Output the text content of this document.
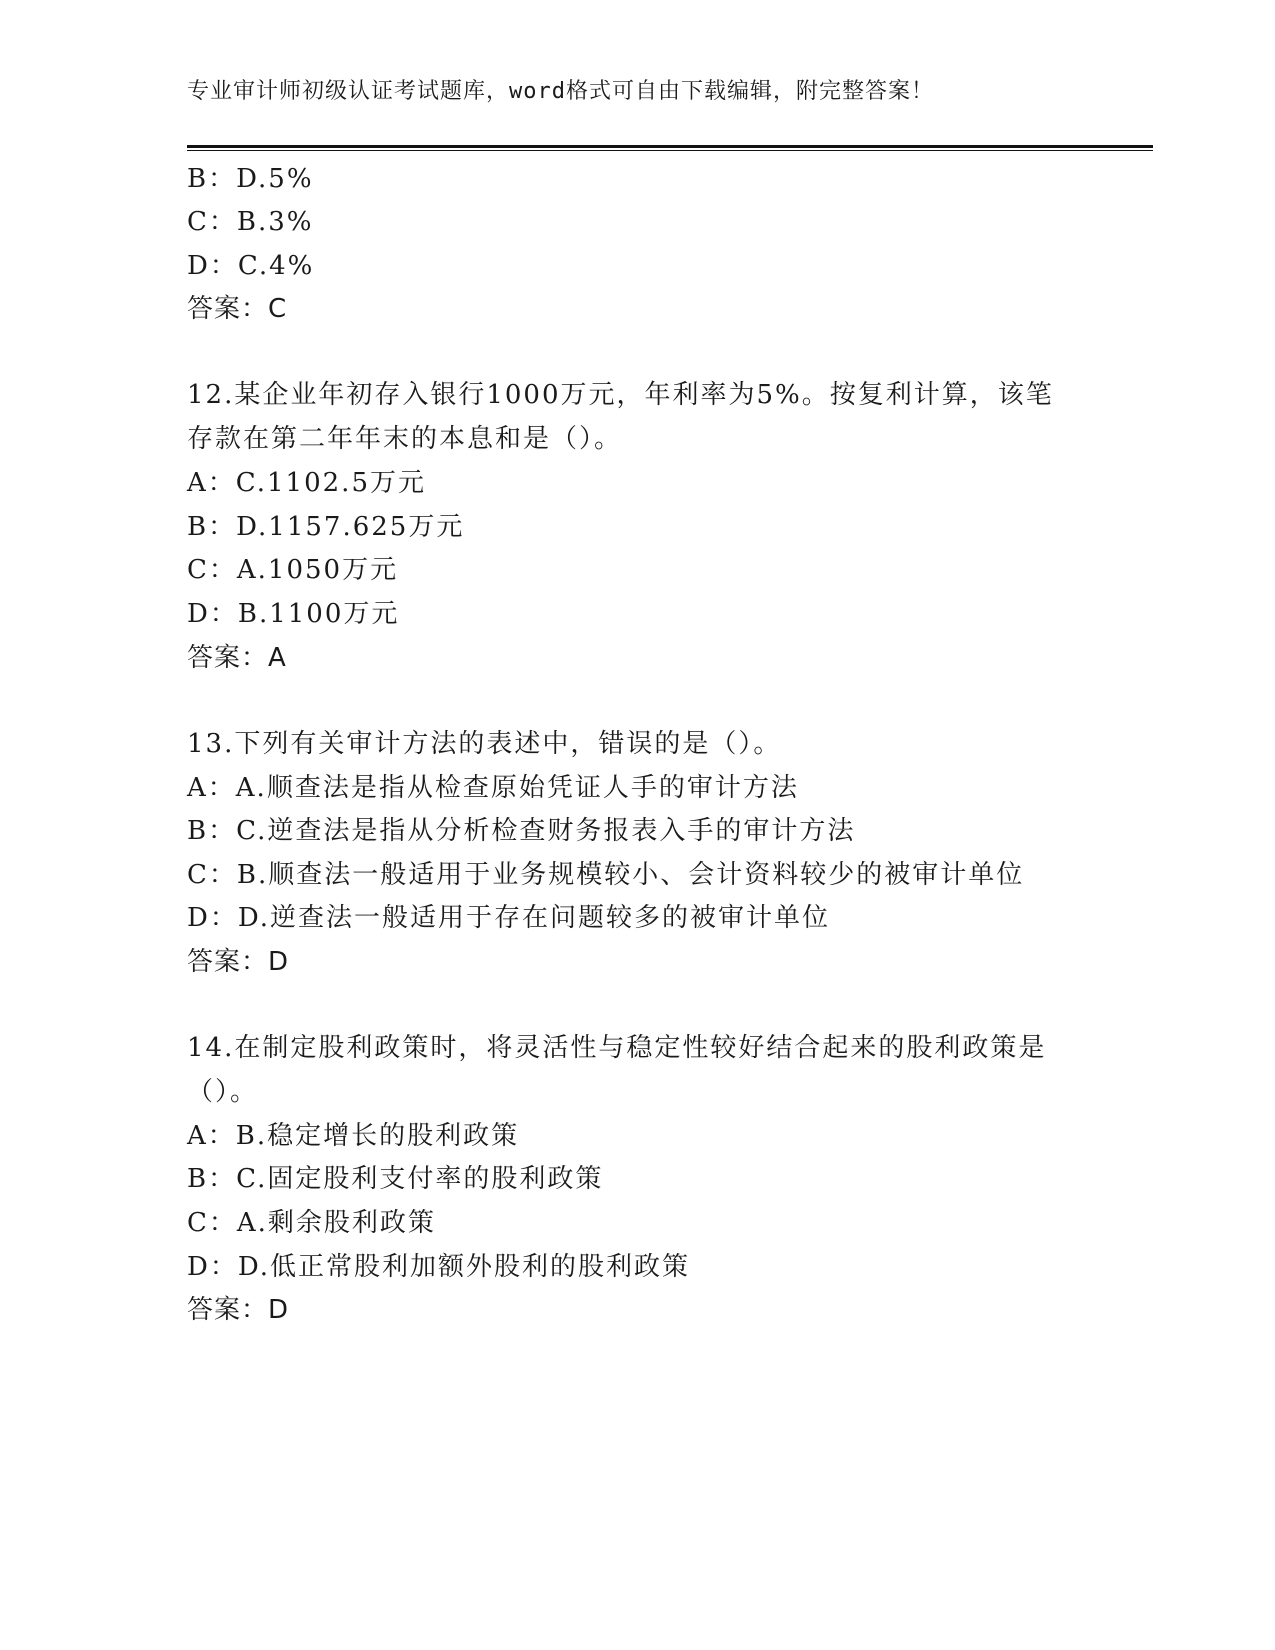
专业审计师初级认证考试题库，word格式可自由下载编辑，附完整答案！
B：D.5%
C：B.3%
D：C.4%
答案：C
12.某企业年初存入银行1000万元，年利率为5%。按复利计算，该笔
存款在第二年年末的本息和是（）。
A：C.1102.5万元
B：D.1157.625万元
C：A.1050万元
D：B.1100万元
答案：A
13.下列有关审计方法的表述中，错误的是（）。
A：A.顺查法是指从检查原始凭证人手的审计方法
B：C.逆查法是指从分析检查财务报表入手的审计方法
C：B.顺查法一般适用于业务规模较小、会计资料较少的被审计单位
D：D.逆查法一般适用于存在问题较多的被审计单位
答案：D
14.在制定股利政策时，将灵活性与稳定性较好结合起来的股利政策是
（）。
A：B.稳定增长的股利政策
B：C.固定股利支付率的股利政策
C：A.剩余股利政策
D：D.低正常股利加额外股利的股利政策
答案：D
